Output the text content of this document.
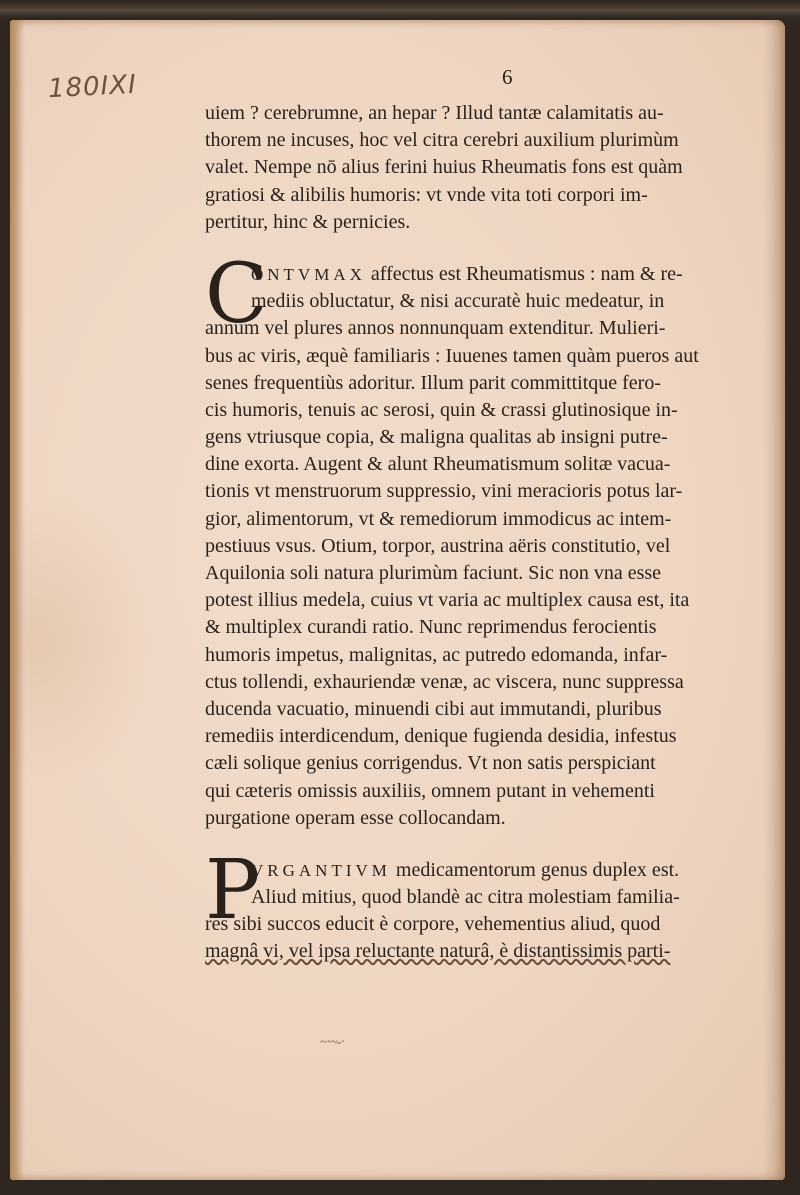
180IXI	6
uiem ? cerebrumne, an hepar ? Illud tantæ calamitatis au-
thorem ne incuses, hoc vel citra cerebri auxilium plurimùm
valet. Nempe nō alius ferini huius Rheumatis fons est quàm
gratiosi & alibilis humoris: vt vnde vita toti corpori im-
pertitur, hinc & pernicies.
C
ONTVMAX affectus est Rheumatismus : nam & re-
mediis obluctatur, & nisi accuratè huic medeatur, in
annum vel plures annos nonnunquam extenditur. Mulieri-
bus ac viris, æquè familiaris : Iuuenes tamen quàm pueros aut
senes frequentiùs adoritur. Illum parit committitque fero-
cis humoris, tenuis ac serosi, quin & crassi glutinosique in-
gens vtriusque copia, & maligna qualitas ab insigni putre-
dine exorta. Augent & alunt Rheumatismum solitæ vacua-
tionis vt menstruorum suppressio, vini meracioris potus lar-
gior, alimentorum, vt & remediorum immodicus ac intem-
pestiuus vsus. Otium, torpor, austrina aëris constitutio, vel
Aquilonia soli natura plurimùm faciunt. Sic non vna esse
potest illius medela, cuius vt varia ac multiplex causa est, ita
& multiplex curandi ratio. Nunc reprimendus ferocientis
humoris impetus, malignitas, ac putredo edomanda, infar-
ctus tollendi, exhauriendæ venæ, ac viscera, nunc suppressa
ducenda vacuatio, minuendi cibi aut immutandi, pluribus
remediis interdicendum, denique fugienda desidia, infestus
cæli solique genius corrigendus. Vt non satis perspiciant
qui cæteris omissis auxiliis, omnem putant in vehementi
purgatione operam esse collocandam.
P
VRGANTIVM medicamentorum genus duplex est.
Aliud mitius, quod blandè ac citra molestiam familia-
res sibi succos educit è corpore, vehementius aliud, quod
magnâ vi, vel ipsa reluctante naturâ, è distantissimis parti-
~·~-·
